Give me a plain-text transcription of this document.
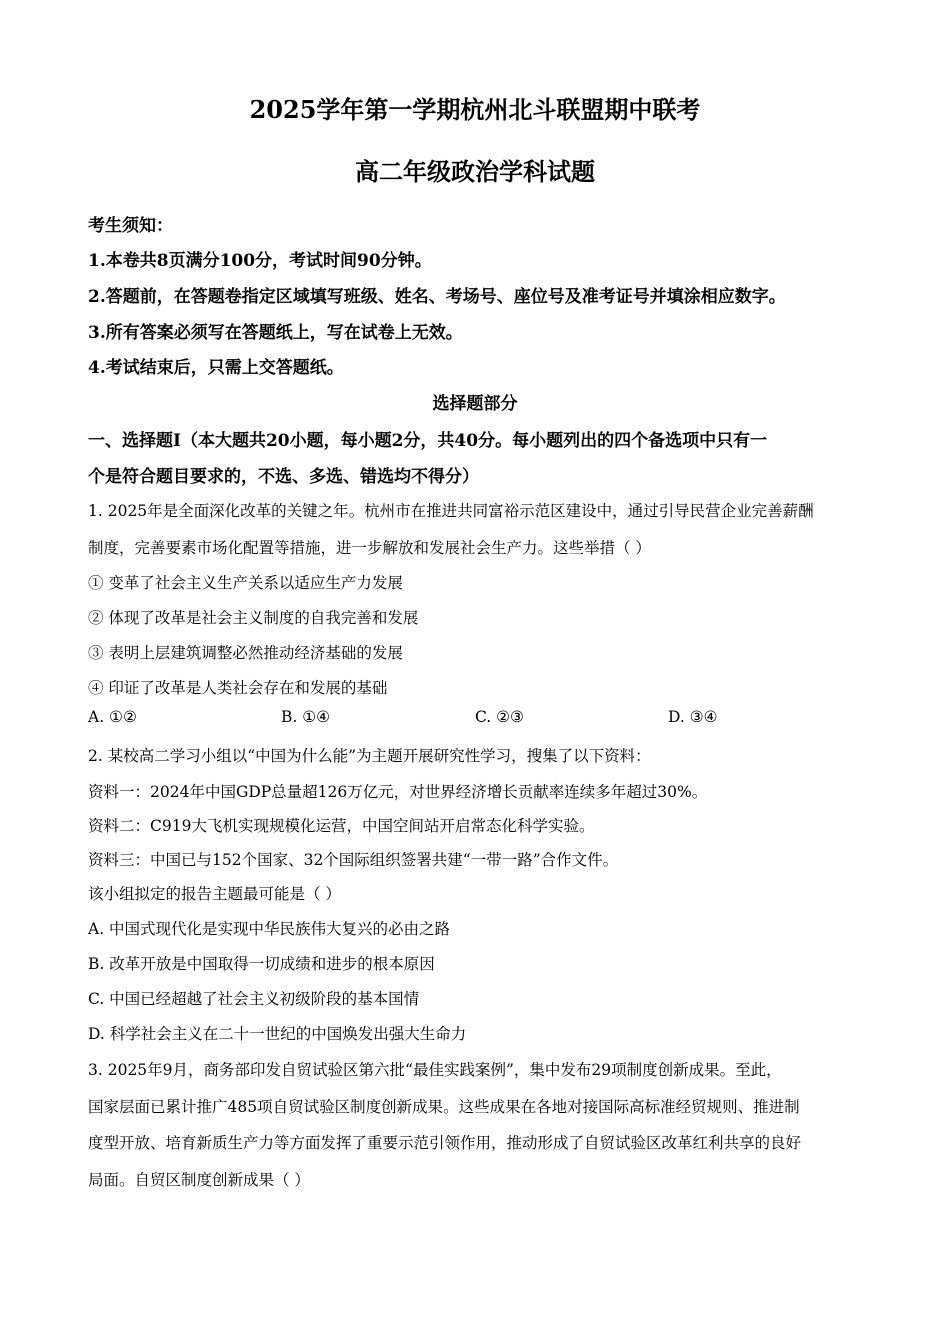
2025学年第一学期杭州北斗联盟期中联考
高二年级政治学科试题
考生须知：
1.本卷共8页满分100分，考试时间90分钟。
2.答题前，在答题卷指定区域填写班级、姓名、考场号、座位号及准考证号并填涂相应数字。
3.所有答案必须写在答题纸上，写在试卷上无效。
4.考试结束后，只需上交答题纸。
选择题部分
一、选择题Ⅰ（本大题共20小题，每小题2分，共40分。每小题列出的四个备选项中只有一
个是符合题目要求的，不选、多选、错选均不得分）
1. 2025年是全面深化改革的关键之年。杭州市在推进共同富裕示范区建设中，通过引导民营企业完善薪酬
制度，完善要素市场化配置等措施，进一步解放和发展社会生产力。这些举措（ ）
① 变革了社会主义生产关系以适应生产力发展
② 体现了改革是社会主义制度的自我完善和发展
③ 表明上层建筑调整必然推动经济基础的发展
④ 印证了改革是人类社会存在和发展的基础
A. ①②	B. ①④	C. ②③	D. ③④
2. 某校高二学习小组以“中国为什么能”为主题开展研究性学习，搜集了以下资料：
资料一：2024年中国GDP总量超126万亿元，对世界经济增长贡献率连续多年超过30%。
资料二：C919大飞机实现规模化运营，中国空间站开启常态化科学实验。
资料三：中国已与152个国家、32个国际组织签署共建“一带一路”合作文件。
该小组拟定的报告主题最可能是（ ）
A. 中国式现代化是实现中华民族伟大复兴的必由之路
B. 改革开放是中国取得一切成绩和进步的根本原因
C. 中国已经超越了社会主义初级阶段的基本国情
D. 科学社会主义在二十一世纪的中国焕发出强大生命力
3. 2025年9月，商务部印发自贸试验区第六批“最佳实践案例”，集中发布29项制度创新成果。至此，
国家层面已累计推广485项自贸试验区制度创新成果。这些成果在各地对接国际高标准经贸规则、推进制
度型开放、培育新质生产力等方面发挥了重要示范引领作用，推动形成了自贸试验区改革红利共享的良好
局面。自贸区制度创新成果（ ）
